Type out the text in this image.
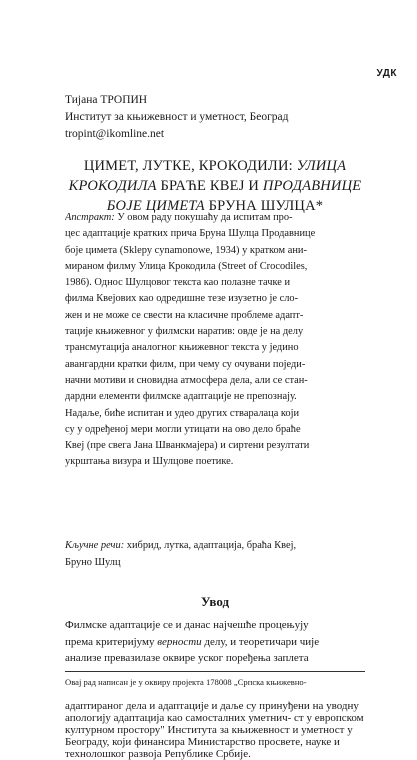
УДК
Тијана ТРОПИН
Институт за књижевност и уметност, Београд
tropint@ikomline.net
ЦИМЕТ, ЛУТКЕ, КРОКОДИЛИ: УЛИЦА
КРОКОДИЛА БРАЋЕ КВЕЈ И ПРОДАВНИЦЕ
БОЈЕ ЦИМЕТА БРУНА ШУЛЦА*
Апстракт: У овом раду покушаћу да испитам про-
цес адаптације кратких прича Бруна Шулца Продавнице
боје цимета (Sklepy cynamonowe, 1934) у кратком ани-
мираном филму Улица Крокодила (Street of Crocodiles,
1986). Однос Шулцовог текста као полазне тачке и
филма Квејових као одредишне тезе изузетно је сло-
жен и не може се свести на класичне проблеме адапт-
тације књижевног у филмски наратив: овде је на делу
трансмутација аналогног књижевног текста у једино
авангардни кратки филм, при чему су очувани поједи-
начни мотиви и сновидна атмосфера дела, али се стан-
дардни елементи филмске адаптације не препознају.
Надаље, биће испитан и удео других стваралаца који
су у одређеној мери могли утицати на ово дело браће
Квеј (пре свега Јана Шванкмајера) и сиртени резултати
укрштања визура и Шулцове поетике.
Кључне речи: хибрид, лутка, адаптација, браћа Квеј,
Бруно Шулц
Увод
Филмске адаптације се и данас најчешће процењују
према критеријуму верности делу, и теоретичари чије
анализе превазилазе оквире уског поређења заплета
Овај рад написан је у оквиру пројекта 178008 „Српска књижевно-
адаптираног дела и адаптације и даље су принуђени на уводну апологију адаптација као самосталних уметнич- ст у европском културном простору" Института за књижевност и уметност у Београду, који финансира Министарство просвете, науке и технолошког развоја Републике Србије.
